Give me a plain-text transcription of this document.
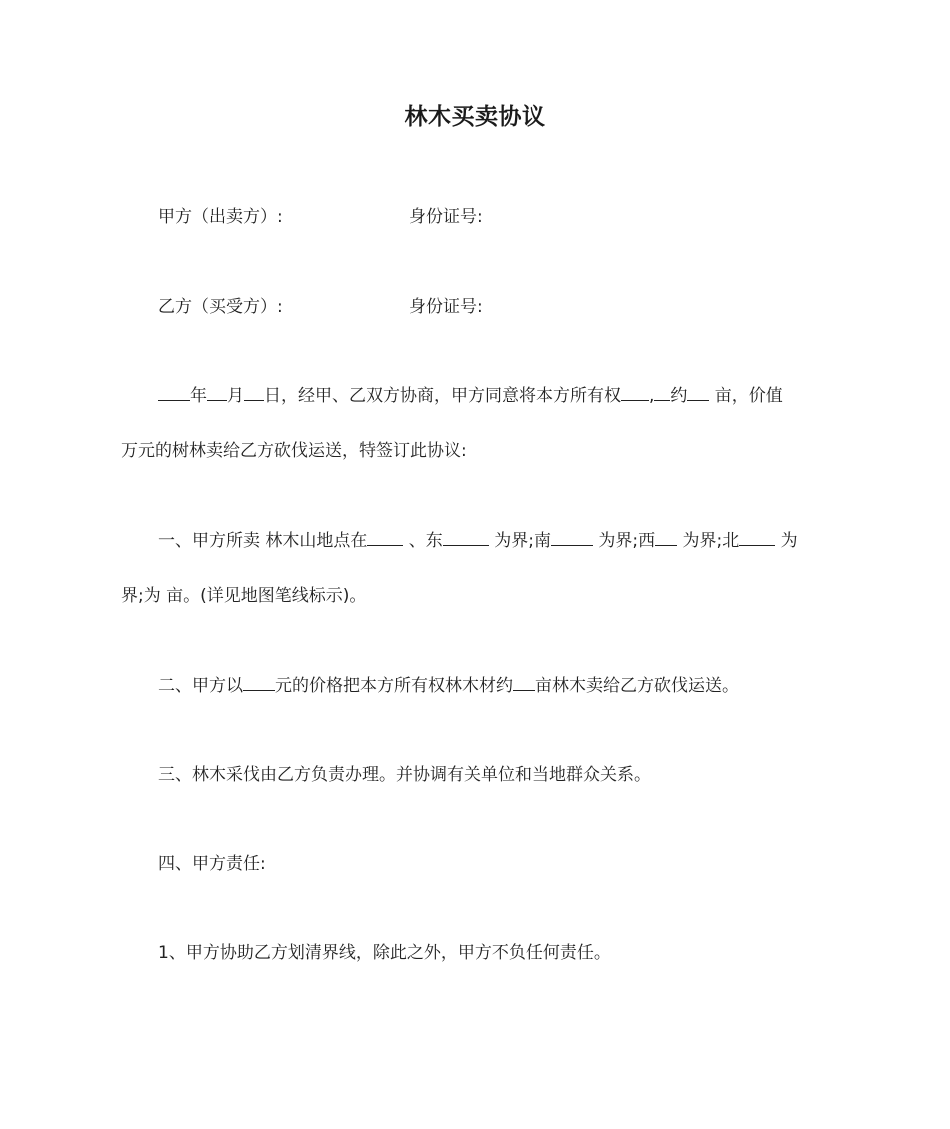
林木买卖协议
甲方（出卖方）:	身份证号:
乙方（买受方）:	身份证号:
年 月 日，经甲、乙双方协商，甲方同意将本方所有权 , 约 亩，价值
万元的树林卖给乙方砍伐运送，特签订此协议:
一、甲方所卖 林木山地点在 、东	为界;南 为界;西 为界;北 为
界;为 亩。(详见地图笔线标示)。
二、甲方以 元的价格把本方所有权林木材约 亩林木卖给乙方砍伐运送。
三、林木采伐由乙方负责办理。并协调有关单位和当地群众关系。
四、甲方责任:
1、甲方协助乙方划清界线，除此之外，甲方不负任何责任。
